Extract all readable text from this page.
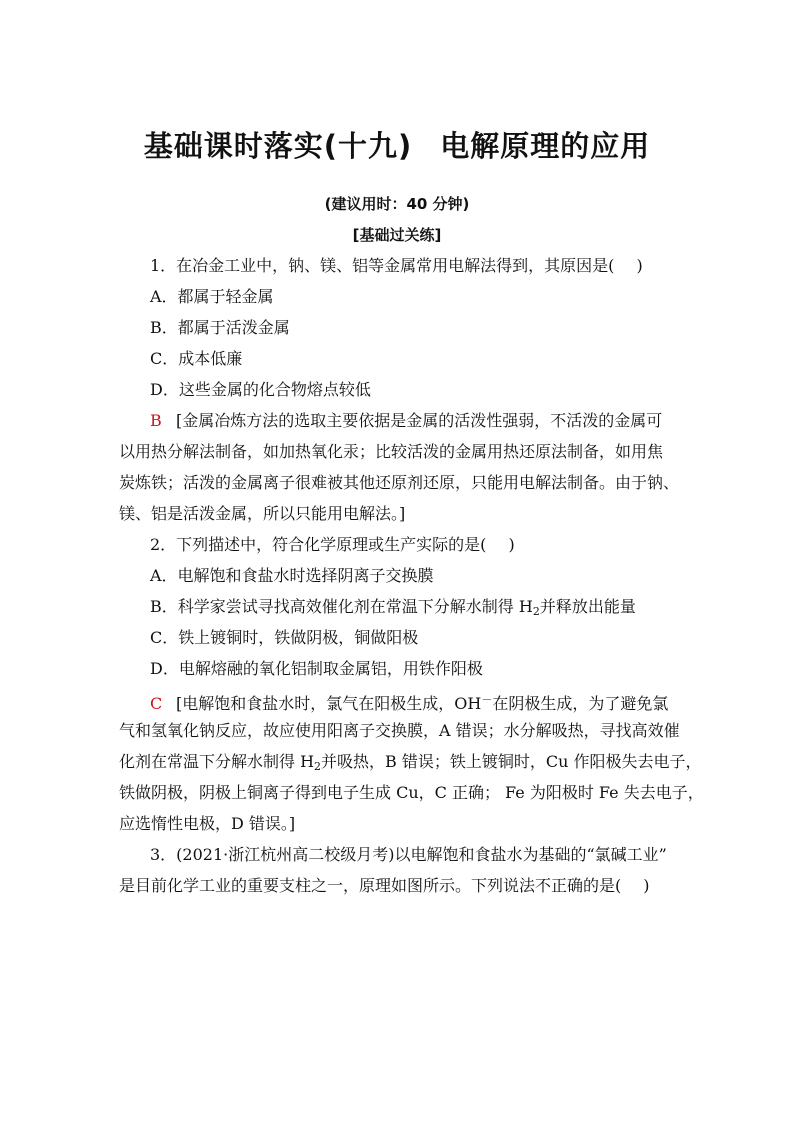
基础课时落实(十九) 电解原理的应用
(建议用时：40 分钟)
[基础过关练]
1．在冶金工业中，钠、镁、铝等金属常用电解法得到，其原因是( )
A．都属于轻金属
B．都属于活泼金属
C．成本低廉
D．这些金属的化合物熔点较低
B [金属冶炼方法的选取主要依据是金属的活泼性强弱，不活泼的金属可
以用热分解法制备，如加热氧化汞；比较活泼的金属用热还原法制备，如用焦
炭炼铁；活泼的金属离子很难被其他还原剂还原，只能用电解法制备。由于钠、
镁、铝是活泼金属，所以只能用电解法。]
2．下列描述中，符合化学原理或生产实际的是( )
A．电解饱和食盐水时选择阴离子交换膜
B．科学家尝试寻找高效催化剂在常温下分解水制得 $H_2$并释放出能量
C．铁上镀铜时，铁做阴极，铜做阳极
D．电解熔融的氧化铝制取金属铝，用铁作阳极
C [电解饱和食盐水时，氯气在阳极生成，OH－在阴极生成，为了避免氯
气和氢氧化钠反应，故应使用阳离子交换膜，A 错误；水分解吸热，寻找高效催
化剂在常温下分解水制得 $H_2$并吸热，B 错误；铁上镀铜时，Cu 作阳极失去电子，
铁做阴极，阴极上铜离子得到电子生成 Cu，C 正确； Fe 为阳极时 Fe 失去电子，
应选惰性电极，D 错误。]
3．(2021·浙江杭州高二校级月考)以电解饱和食盐水为基础的“氯碱工业”
是目前化学工业的重要支柱之一，原理如图所示。下列说法不正确的是( )
